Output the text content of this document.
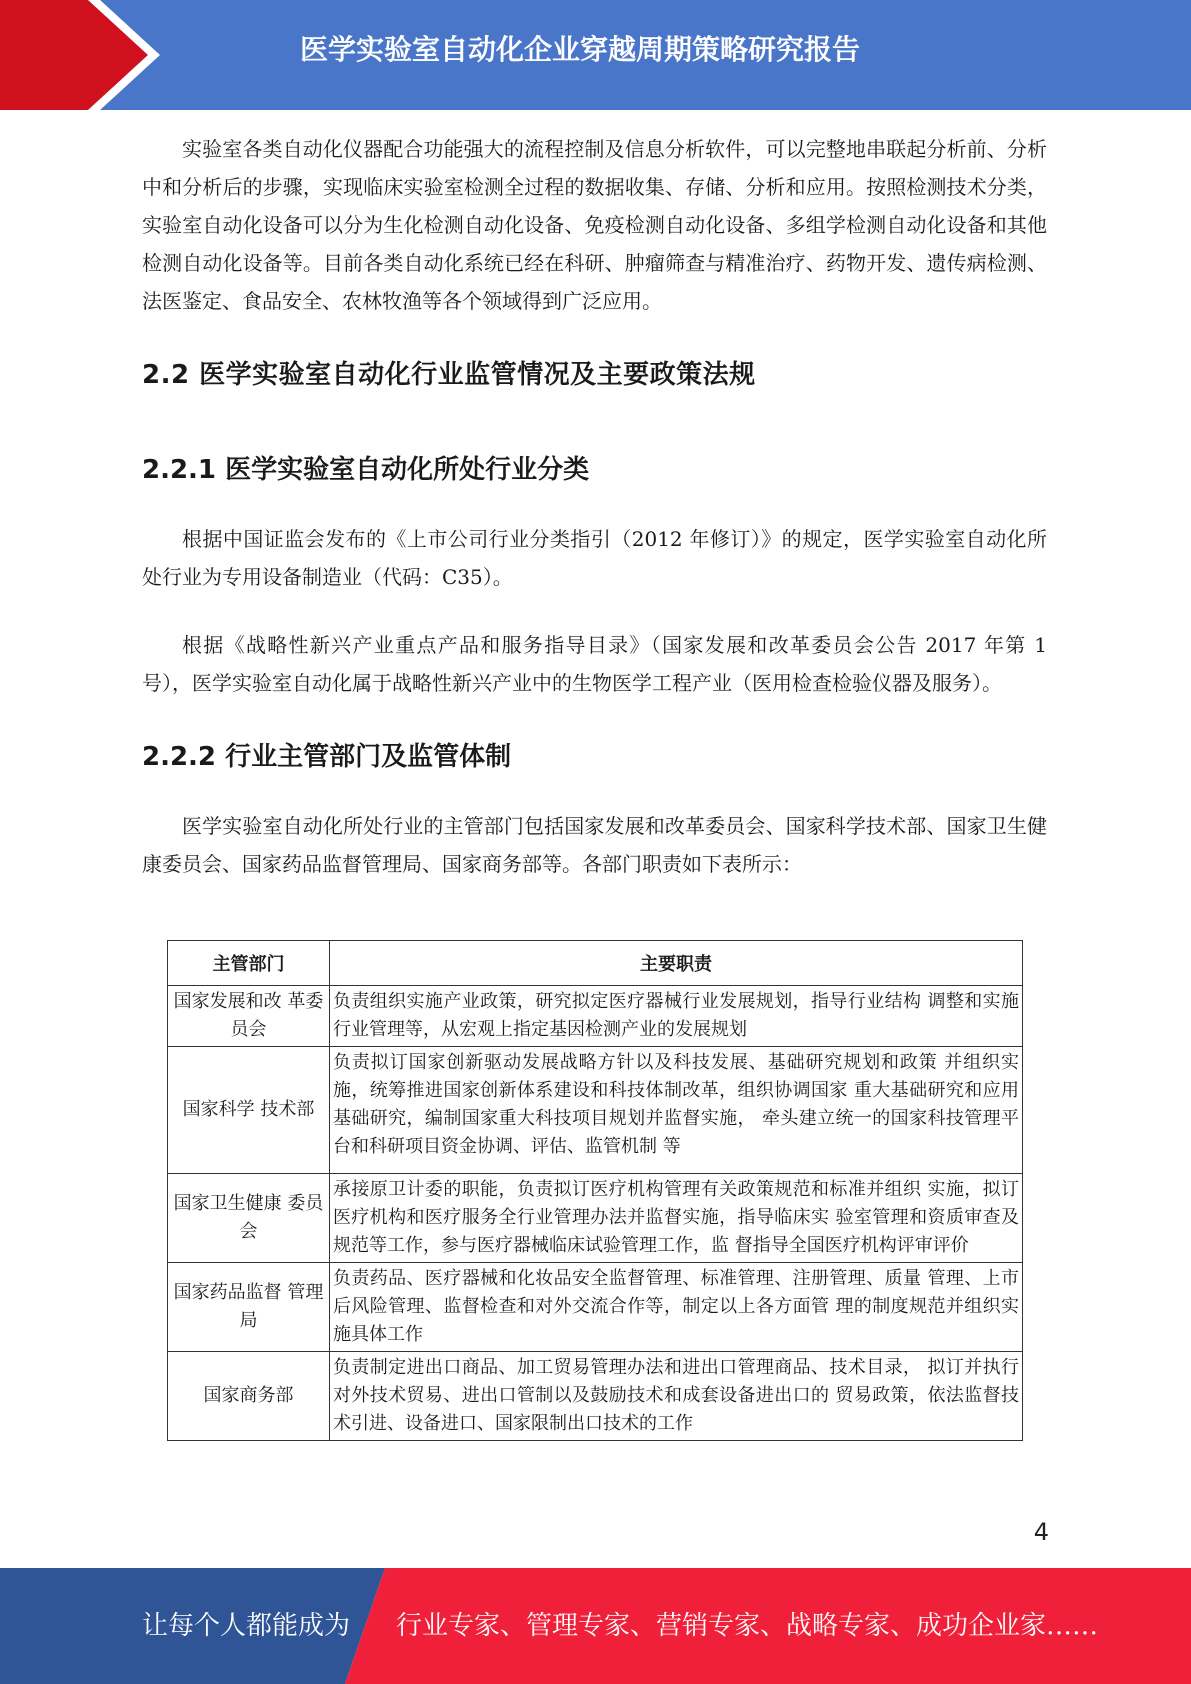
医学实验室自动化企业穿越周期策略研究报告

实验室各类自动化仪器配合功能强大的流程控制及信息分析软件，可以完整地串联起分析前、分析中和分析后的步骤，实现临床实验室检测全过程的数据收集、存储、分析和应用。按照检测技术分类，实验室自动化设备可以分为生化检测自动化设备、免疫检测自动化设备、多组学检测自动化设备和其他检测自动化设备等。目前各类自动化系统已经在科研、肿瘤筛查与精准治疗、药物开发、遗传病检测、法医鉴定、食品安全、农林牧渔等各个领域得到广泛应用。

2.2 医学实验室自动化行业监管情况及主要政策法规
2.2.1 医学实验室自动化所处行业分类

根据中国证监会发布的《上市公司行业分类指引（2012 年修订）》的规定，医学实验室自动化所处行业为专用设备制造业（代码：C35）。

根据《战略性新兴产业重点产品和服务指导目录》（国家发展和改革委员会公告 2017 年第 1 号），医学实验室自动化属于战略性新兴产业中的生物医学工程产业（医用检查检验仪器及服务）。

2.2.2 行业主管部门及监管体制

医学实验室自动化所处行业的主管部门包括国家发展和改革委员会、国家科学技术部、国家卫生健康委员会、国家药品监督管理局、国家商务部等。各部门职责如下表所示：

主管部门	主要职责
国家发展和改 革委员会	负责组织实施产业政策，研究拟定医疗器械行业发展规划，指导行业结构 调整和实施行业管理等，从宏观上指定基因检测产业的发展规划
国家科学 技术部	负责拟订国家创新驱动发展战略方针以及科技发展、基础研究规划和政策 并组织实施，统筹推进国家创新体系建设和科技体制改革，组织协调国家 重大基础研究和应用基础研究，编制国家重大科技项目规划并监督实施， 牵头建立统一的国家科技管理平台和科研项目资金协调、评估、监管机制 等
国家卫生健康 委员会	承接原卫计委的职能，负责拟订医疗机构管理有关政策规范和标准并组织 实施，拟订医疗机构和医疗服务全行业管理办法并监督实施，指导临床实 验室管理和资质审查及规范等工作，参与医疗器械临床试验管理工作，监 督指导全国医疗机构评审评价
国家药品监督 管理局	负责药品、医疗器械和化妆品安全监督管理、标准管理、注册管理、质量 管理、上市后风险管理、监督检查和对外交流合作等，制定以上各方面管 理的制度规范并组织实施具体工作
国家商务部	负责制定进出口商品、加工贸易管理办法和进出口管理商品、技术目录， 拟订并执行对外技术贸易、进出口管制以及鼓励技术和成套设备进出口的 贸易政策，依法监督技术引进、设备进口、国家限制出口技术的工作
4
让每个人都能成为 行业专家、管理专家、营销专家、战略专家、成功企业家……
